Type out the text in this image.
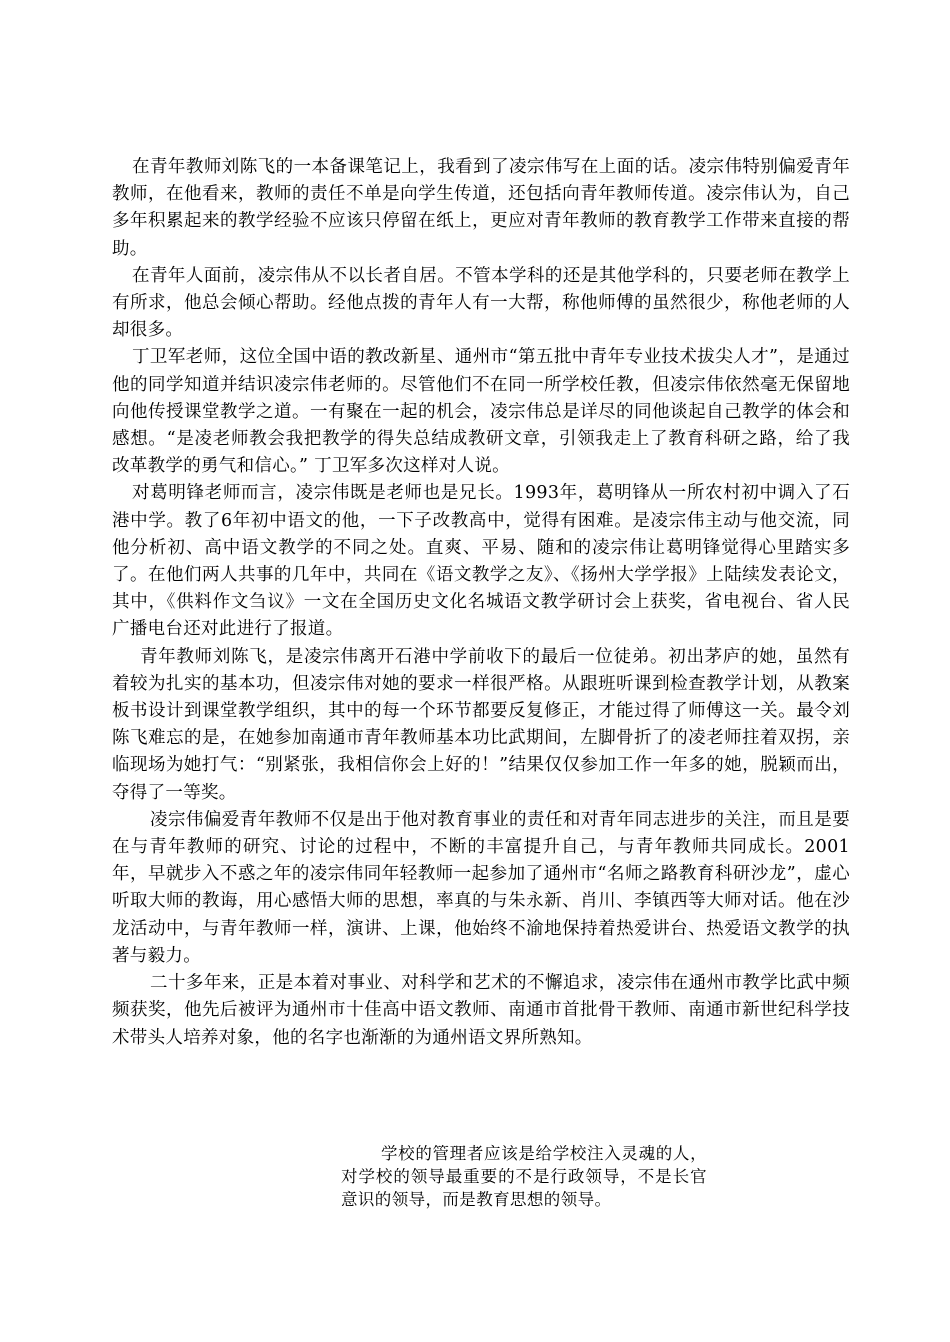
在青年教师刘陈飞的一本备课笔记上，我看到了凌宗伟写在上面的话。凌宗伟特别偏爱青年教师，在他看来，教师的责任不单是向学生传道，还包括向青年教师传道。凌宗伟认为，自己多年积累起来的教学经验不应该只停留在纸上，更应对青年教师的教育教学工作带来直接的帮助。

在青年人面前，凌宗伟从不以长者自居。不管本学科的还是其他学科的，只要老师在教学上有所求，他总会倾心帮助。经他点拨的青年人有一大帮，称他师傅的虽然很少，称他老师的人却很多。

丁卫军老师，这位全国中语的教改新星、通州市“第五批中青年专业技术拔尖人才”，是通过他的同学知道并结识凌宗伟老师的。尽管他们不在同一所学校任教，但凌宗伟依然毫无保留地向他传授课堂教学之道。一有聚在一起的机会，凌宗伟总是详尽的同他谈起自己教学的体会和感想。“是凌老师教会我把教学的得失总结成教研文章，引领我走上了教育科研之路，给了我改革教学的勇气和信心。” 丁卫军多次这样对人说。

对葛明锋老师而言，凌宗伟既是老师也是兄长。1993年，葛明锋从一所农村初中调入了石港中学。教了6年初中语文的他，一下子改教高中，觉得有困难。是凌宗伟主动与他交流，同他分析初、高中语文教学的不同之处。直爽、平易、随和的凌宗伟让葛明锋觉得心里踏实多了。在他们两人共事的几年中，共同在《语文教学之友》、《扬州大学学报》上陆续发表论文，其中，《供料作文刍议》一文在全国历史文化名城语文教学研讨会上获奖，省电视台、省人民广播电台还对此进行了报道。

青年教师刘陈飞，是凌宗伟离开石港中学前收下的最后一位徒弟。初出茅庐的她，虽然有着较为扎实的基本功，但凌宗伟对她的要求一样很严格。从跟班听课到检查教学计划，从教案板书设计到课堂教学组织，其中的每一个环节都要反复修正，才能过得了师傅这一关。最令刘陈飞难忘的是，在她参加南通市青年教师基本功比武期间，左脚骨折了的凌老师拄着双拐，亲临现场为她打气：“别紧张，我相信你会上好的！”结果仅仅参加工作一年多的她，脱颖而出，夺得了一等奖。

凌宗伟偏爱青年教师不仅是出于他对教育事业的责任和对青年同志进步的关注，而且是要在与青年教师的研究、讨论的过程中，不断的丰富提升自己，与青年教师共同成长。2001年，早就步入不惑之年的凌宗伟同年轻教师一起参加了通州市“名师之路教育科研沙龙”，虚心听取大师的教诲，用心感悟大师的思想，率真的与朱永新、肖川、李镇西等大师对话。他在沙龙活动中，与青年教师一样，演讲、上课，他始终不渝地保持着热爱讲台、热爱语文教学的执著与毅力。

二十多年来，正是本着对事业、对科学和艺术的不懈追求，凌宗伟在通州市教学比武中频频获奖，他先后被评为通州市十佳高中语文教师、南通市首批骨干教师、南通市新世纪科学技术带头人培养对象，他的名字也渐渐的为通州语文界所熟知。

学校的管理者应该是给学校注入灵魂的人，对学校的领导最重要的不是行政领导，不是长官意识的领导，而是教育思想的领导。
